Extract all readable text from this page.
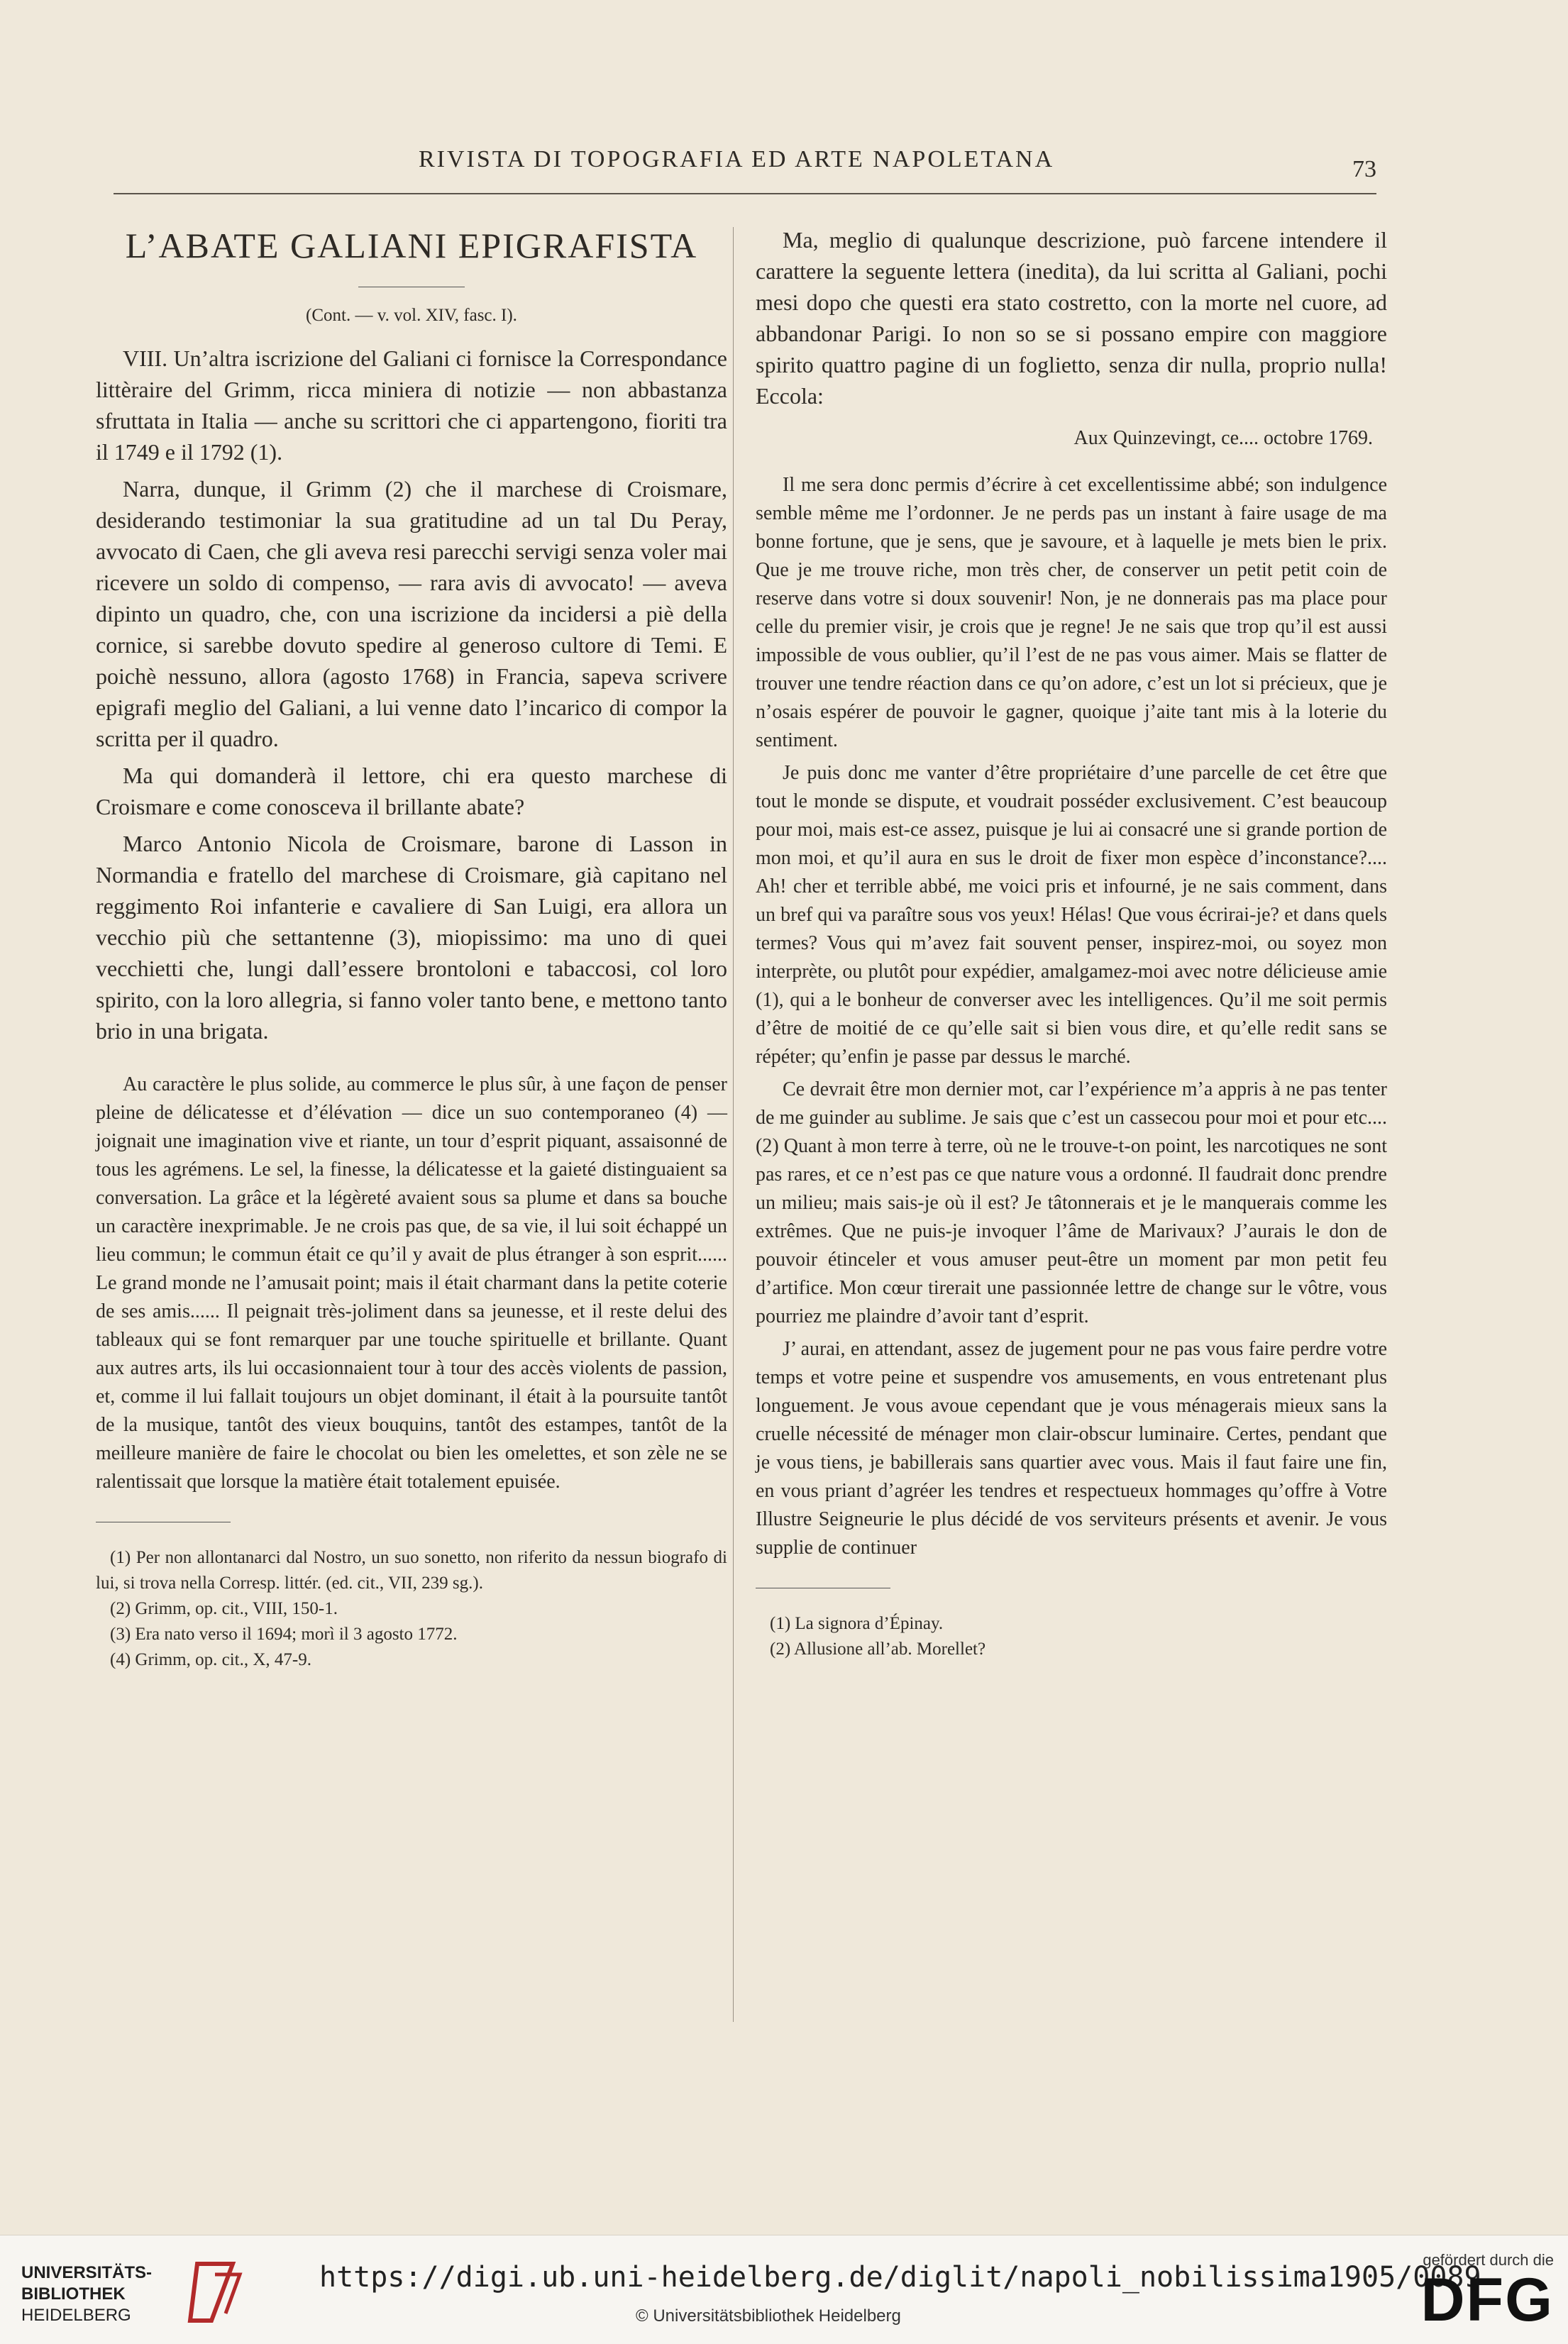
RIVISTA DI TOPOGRAFIA ED ARTE NAPOLETANA	73
L’ABATE GALIANI EPIGRAFISTA
(Cont. — v. vol. XIV, fasc. I).

VIII. Un’altra iscrizione del Galiani ci fornisce la Correspondance littèraire del Grimm, ricca miniera di notizie — non abbastanza sfruttata in Italia — anche su scrittori che ci appartengono, fioriti tra il 1749 e il 1792 (1).

Narra, dunque, il Grimm (2) che il marchese di Croismare, desiderando testimoniar la sua gratitudine ad un tal Du Peray, avvocato di Caen, che gli aveva resi parecchi servigi senza voler mai ricevere un soldo di compenso, — rara avis di avvocato! — aveva dipinto un quadro, che, con una iscrizione da incidersi a piè della cornice, si sarebbe dovuto spedire al generoso cultore di Temi. E poichè nessuno, allora (agosto 1768) in Francia, sapeva scrivere epigrafi meglio del Galiani, a lui venne dato l’incarico di compor la scritta per il quadro.

Ma qui domanderà il lettore, chi era questo marchese di Croismare e come conosceva il brillante abate?

Marco Antonio Nicola de Croismare, barone di Lasson in Normandia e fratello del marchese di Croismare, già capitano nel reggimento Roi infanterie e cavaliere di San Luigi, era allora un vecchio più che settantenne (3), miopissimo: ma uno di quei vecchietti che, lungi dall’essere brontoloni e tabaccosi, col loro spirito, con la loro allegria, si fanno voler tanto bene, e mettono tanto brio in una brigata.

Au caractère le plus solide, au commerce le plus sûr, à une façon de penser pleine de délicatesse et d’élévation — dice un suo contemporaneo (4) — joignait une imagination vive et riante, un tour d’esprit piquant, assaisonné de tous les agrémens. Le sel, la finesse, la délicatesse et la gaieté distinguaient sa conversation. La grâce et la légèreté avaient sous sa plume et dans sa bouche un caractère inexprimable. Je ne crois pas que, de sa vie, il lui soit échappé un lieu commun; le commun était ce qu’il y avait de plus étranger à son esprit...... Le grand monde ne l’amusait point; mais il était charmant dans la petite coterie de ses amis...... Il peignait très-joliment dans sa jeunesse, et il reste delui des tableaux qui se font remarquer par une touche spirituelle et brillante. Quant aux autres arts, ils lui occasionnaient tour à tour des accès violents de passion, et, comme il lui fallait toujours un objet dominant, il était à la poursuite tantôt de la musique, tantôt des vieux bouquins, tantôt des estampes, tantôt de la meilleure manière de faire le chocolat ou bien les omelettes, et son zèle ne se ralentissait que lorsque la matière était totalement epuisée.

(1) Per non allontanarci dal Nostro, un suo sonetto, non riferito da nessun biografo di lui, si trova nella Corresp. littér. (ed. cit., VII, 239 sg.).

(2) Grimm, op. cit., VIII, 150-1.

(3) Era nato verso il 1694; morì il 3 agosto 1772.

(4) Grimm, op. cit., X, 47-9.

Ma, meglio di qualunque descrizione, può farcene intendere il carattere la seguente lettera (inedita), da lui scritta al Galiani, pochi mesi dopo che questi era stato costretto, con la morte nel cuore, ad abbandonar Parigi. Io non so se si possano empire con maggiore spirito quattro pagine di un foglietto, senza dir nulla, proprio nulla! Eccola:

Aux Quinzevingt, ce.... octobre 1769.

Il me sera donc permis d’écrire à cet excellentissime abbé; son indulgence semble même me l’ordonner. Je ne perds pas un instant à faire usage de ma bonne fortune, que je sens, que je savoure, et à laquelle je mets bien le prix. Que je me trouve riche, mon très cher, de conserver un petit petit coin de reserve dans votre si doux souvenir! Non, je ne donnerais pas ma place pour celle du premier visir, je crois que je regne! Je ne sais que trop qu’il est aussi impossible de vous oublier, qu’il l’est de ne pas vous aimer. Mais se flatter de trouver une tendre réaction dans ce qu’on adore, c’est un lot si précieux, que je n’osais espérer de pouvoir le gagner, quoique j’aite tant mis à la loterie du sentiment.

Je puis donc me vanter d’être propriétaire d’une parcelle de cet être que tout le monde se dispute, et voudrait posséder exclusivement. C’est beaucoup pour moi, mais est-ce assez, puisque je lui ai consacré une si grande portion de mon moi, et qu’il aura en sus le droit de fixer mon espèce d’inconstance?.... Ah! cher et terrible abbé, me voici pris et infourné, je ne sais comment, dans un bref qui va paraître sous vos yeux! Hélas! Que vous écrirai-je? et dans quels termes? Vous qui m’avez fait souvent penser, inspirez-moi, ou soyez mon interprète, ou plutôt pour expédier, amalgamez-moi avec notre délicieuse amie (1), qui a le bonheur de converser avec les intelligences. Qu’il me soit permis d’être de moitié de ce qu’elle sait si bien vous dire, et qu’elle redit sans se répéter; qu’enfin je passe par dessus le marché.

Ce devrait être mon dernier mot, car l’expérience m’a appris à ne pas tenter de me guinder au sublime. Je sais que c’est un cassecou pour moi et pour etc.... (2) Quant à mon terre à terre, où ne le trouve-t-on point, les narcotiques ne sont pas rares, et ce n’est pas ce que nature vous a ordonné. Il faudrait donc prendre un milieu; mais sais-je où il est? Je tâtonnerais et je le manquerais comme les extrêmes. Que ne puis-je invoquer l’âme de Marivaux? J’aurais le don de pouvoir étinceler et vous amuser peut-être un moment par mon petit feu d’artifice. Mon cœur tirerait une passionnée lettre de change sur le vôtre, vous pourriez me plaindre d’avoir tant d’esprit.

J’ aurai, en attendant, assez de jugement pour ne pas vous faire perdre votre temps et votre peine et suspendre vos amusements, en vous entretenant plus longuement. Je vous avoue cependant que je vous ménagerais mieux sans la cruelle nécessité de ménager mon clair-obscur luminaire. Certes, pendant que je vous tiens, je babillerais sans quartier avec vous. Mais il faut faire une fin, en vous priant d’agréer les tendres et respectueux hommages qu’offre à Votre Illustre Seigneurie le plus décidé de vos serviteurs présents et avenir. Je vous supplie de continuer

(1) La signora d’Épinay.

(2) Allusione all’ab. Morellet?

UNIVERSITÄTS-
BIBLIOTHEK
HEIDELBERG
https://digi.ub.uni-heidelberg.de/diglit/napoli_nobilissima1905/0089
© Universitätsbibliothek Heidelberg
gefördert durch die
DFG
